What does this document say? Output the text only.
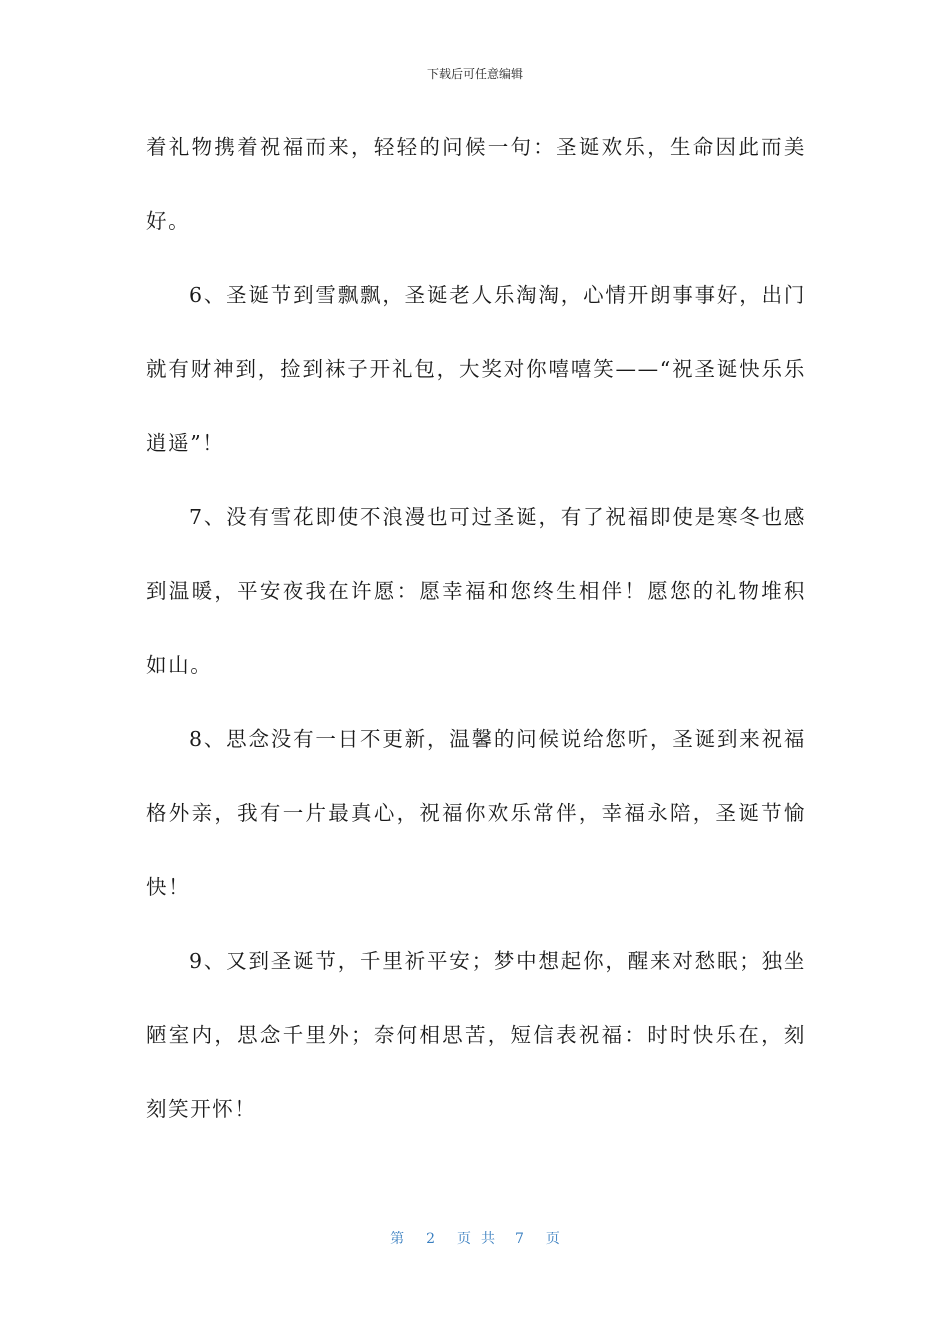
下载后可任意编辑

着礼物携着祝福而来，轻轻的问候一句：圣诞欢乐，生命因此而美好。

6、圣诞节到雪飘飘，圣诞老人乐淘淘，心情开朗事事好，出门就有财神到，捡到袜子开礼包，大奖对你嘻嘻笑——“祝圣诞快乐乐逍遥”！

7、没有雪花即使不浪漫也可过圣诞，有了祝福即使是寒冬也感到温暖，平安夜我在许愿：愿幸福和您终生相伴！愿您的礼物堆积如山。

8、思念没有一日不更新，温馨的问候说给您听，圣诞到来祝福格外亲，我有一片最真心，祝福你欢乐常伴，幸福永陪，圣诞节愉快！

9、又到圣诞节，千里祈平安；梦中想起你，醒来对愁眠；独坐陋室内，思念千里外；奈何相思苦，短信表祝福：时时快乐在，刻刻笑开怀！

第 2 页共 7 页
